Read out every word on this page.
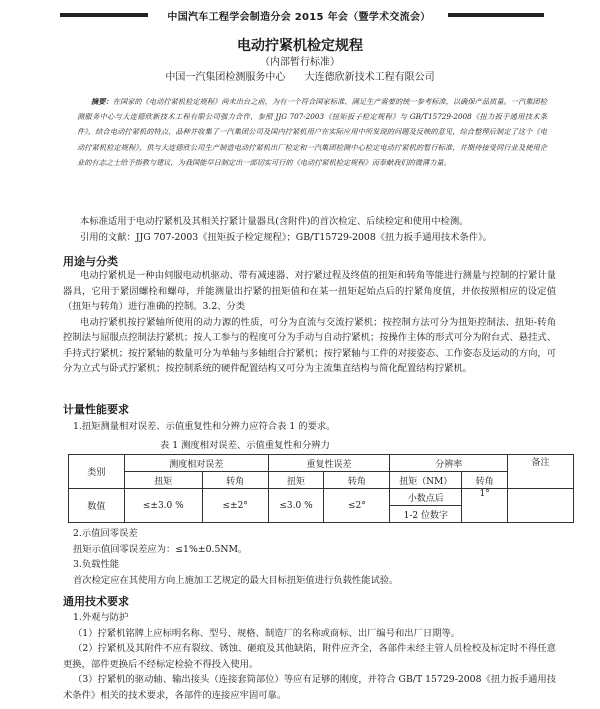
中国汽车工程学会制造分会 2015 年会（暨学术交流会）
电动拧紧机检定规程
（内部暂行标准）
中国一汽集团检测服务中心 大连德欣新技术工程有限公司
摘要：在国家的《电动拧紧机检定规程》尚未出台之前，为有一个符合国家标准、满足生产需要的统一参考标准，以确保产品质量。一汽集团检测服务中心与大连德欣新技术工程有限公司强力合作，参照 JJG 707-2003《扭矩扳子检定规程》与 GB/T15729-2008《扭力扳手通用技术条件》，结合电动拧紧机的特点、品种并收集了一汽集团公司及国内拧紧机用户在实际应用中所发现的问题及反映的意见，综合整理后制定了这个《电动拧紧机检定规程》，供与大连德欣公司生产制造电动拧紧机出厂检定和一汽集团检测中心检定电动拧紧机的暂行标准，并期待接受同行业及使用企业的有志之士给予指教与建议，为我国能早日制定出一部切实可行的《电动拧紧机检定规程》而奉献我们的微薄力量。

本标准适用于电动拧紧机及其相关拧紧计量器具(含附件)的首次检定、后续检定和使用中检测。

引用的文献：JJG 707-2003《扭矩扳子检定规程》；GB/T15729-2008《扭力扳手通用技术条件》。

用途与分类

电动拧紧机是一种由伺服电动机驱动、带有减速器、对拧紧过程及终值的扭矩和转角等能进行测量与控制的拧紧计量器具，它用于紧固螺栓和螺母，并能测量出拧紧的扭矩值和在某一扭矩起始点后的拧紧角度值，并依按照相应的设定值（扭矩与转角）进行准确的控制。3.2、分类

电动拧紧机按拧紧轴所使用的动力源的性质，可分为直流与交流拧紧机；按控制方法可分为扭矩控制法、扭矩-转角控制法与屈服点控制法拧紧机；按人工参与的程度可分为手动与自动拧紧机；按操作主体的形式可分为附台式、悬挂式、手持式拧紧机；按拧紧轴的数量可分为单轴与多轴组合拧紧机；按拧紧轴与工件的对接姿态、工作姿态及运动的方向，可分为立式与卧式拧紧机；按控制系统的硬件配置结构又可分为主流集直结构与简化配置结构拧紧机。

计量性能要求

1.扭矩测量相对误差、示值重复性和分辨力应符合表 1 的要求。

表 1 测度相对误差、示值重复性和分辨力
类别	测度相对误差		重复性误差		分辨率		备注
	扭矩	转角	扭矩	转角	扭矩（NM）	转角	
数值	≤±3.0 %	≤±2°	≤3.0 %	≤2°	小数点后	1°	
					1-2 位数字		

2.示值回零误差

扭矩示值回零误差应为：≤1%±0.5NM。

3.负载性能

首次检定应在其使用方向上施加工艺规定的最大目标扭矩值进行负载性能试验。

通用技术要求

1.外观与防护

（1）拧紧机铭牌上应标明名称、型号、规格、制造厂的名称或商标、出厂编号和出厂日期等。

（2）拧紧机及其附件不应有裂纹、锈蚀、砸痕及其他缺陷，附件应齐全，各部件未经主管人员检校及标定时不得任意更换，部件更换后不经标定检验不得投入使用。

（3）拧紧机的驱动轴、输出接头（连接套筒部位）等应有足够的刚度，并符合 GB/T 15729-2008《扭力扳手通用技术条件》相关的技术要求，各部件的连接应牢固可靠。
